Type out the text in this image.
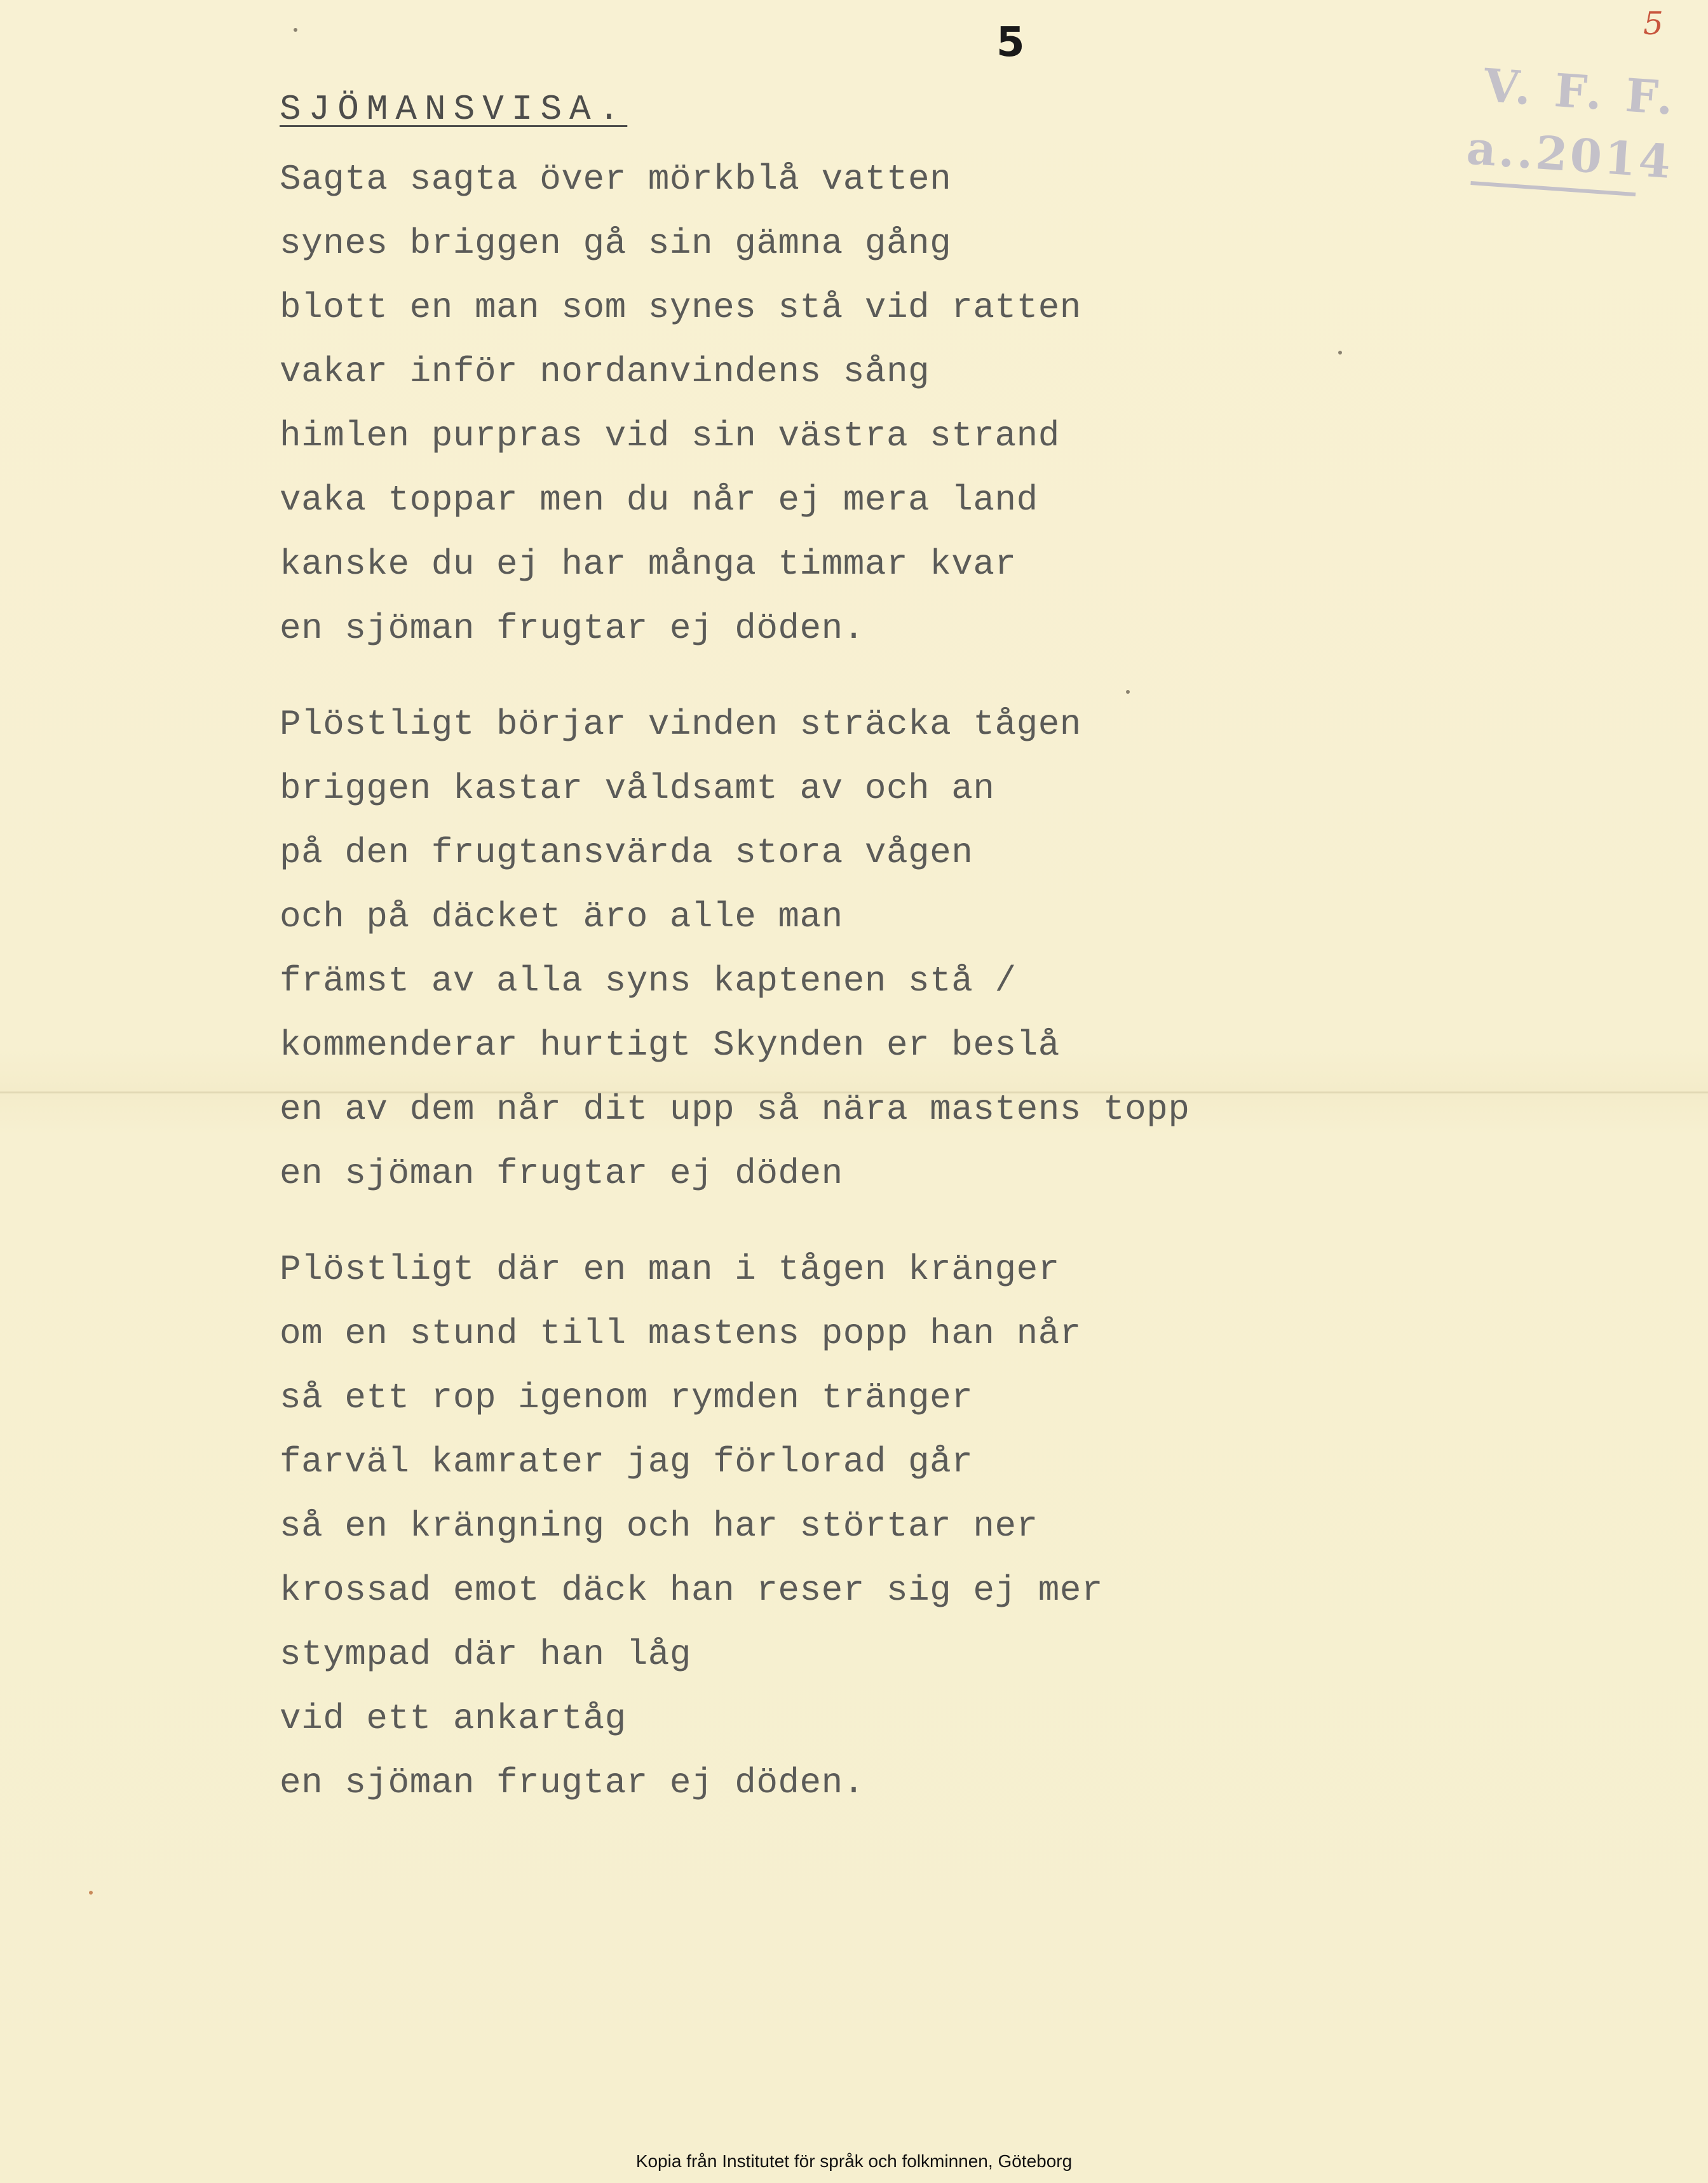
5	5
V. F. F.
a..2014
SJÖMANSVISA.
Sagta sagta över mörkblå vatten
synes briggen gå sin gämna gång
blott en man som synes stå vid ratten
vakar inför nordanvindens sång
himlen purpras vid sin västra strand
vaka toppar men du når ej mera land
kanske du ej har många timmar kvar
en sjöman frugtar ej döden.
Plöstligt börjar vinden sträcka tågen
briggen kastar våldsamt av och an
på den frugtansvärda stora vågen
och på däcket äro alle man
främst av alla syns kaptenen stå /
kommenderar hurtigt Skynden er beslå
en av dem når dit upp så nära mastens topp
en sjöman frugtar ej döden
Plöstligt där en man i tågen kränger
om en stund till mastens popp han når
så ett rop igenom rymden tränger
farväl kamrater jag förlorad går
så en krängning och har störtar ner
krossad emot däck han reser sig ej mer
stympad där han låg
vid ett ankartåg
en sjöman frugtar ej döden.
Kopia från Institutet för språk och folkminnen, Göteborg
